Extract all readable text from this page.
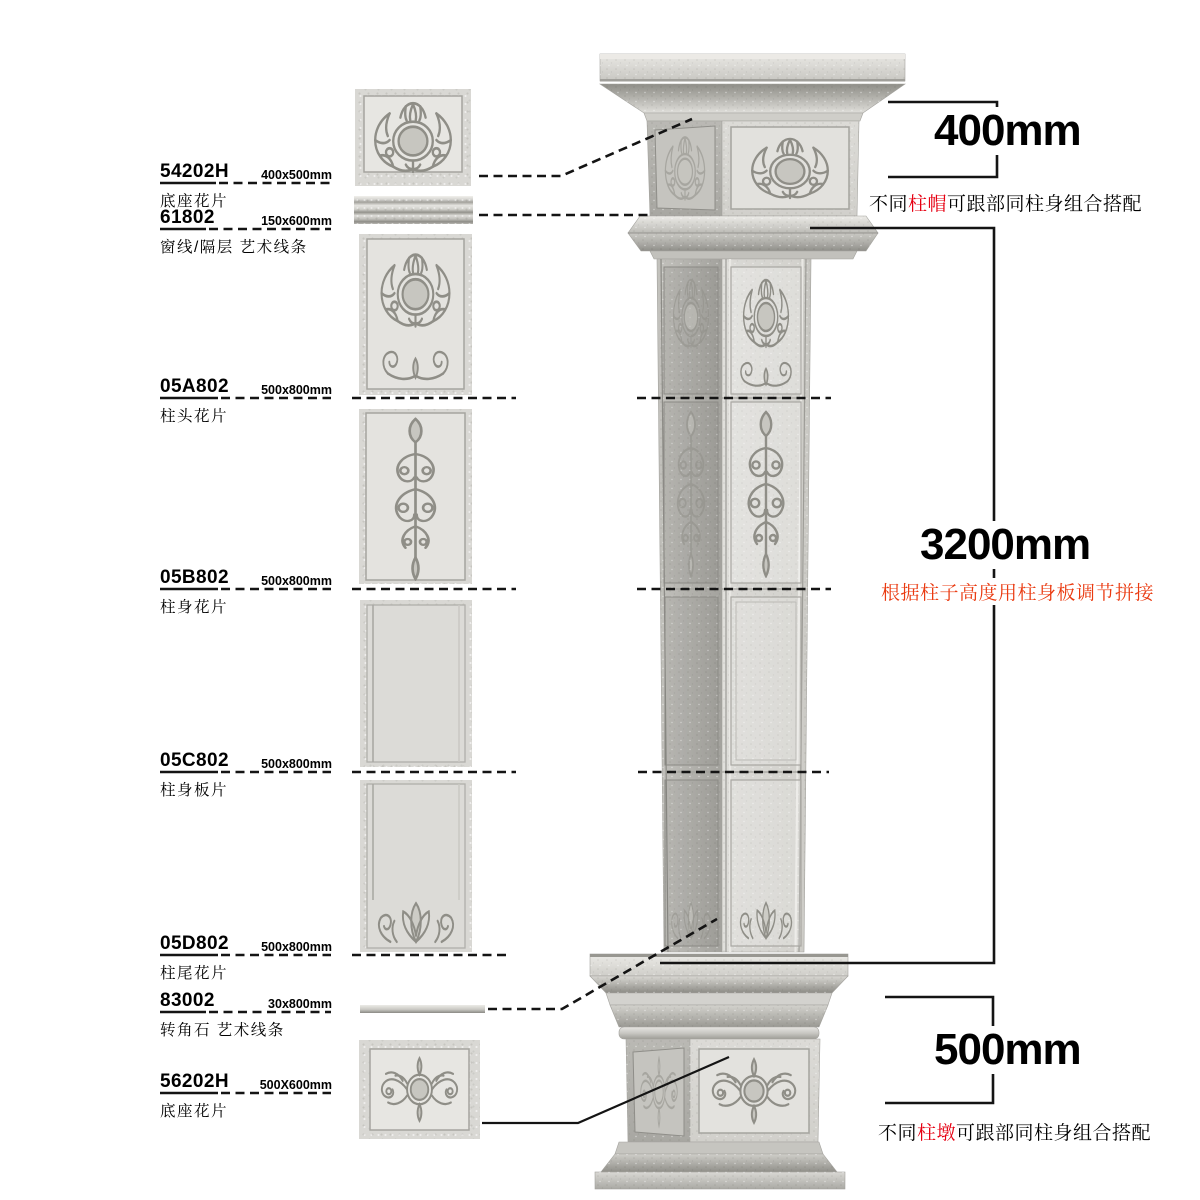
54202H	400x500mm
底座花片
61802	150x600mm
窗线/隔层 艺术线条
05A802	500x800mm
柱头花片
05B802	500x800mm
柱身花片
05C802	500x800mm
柱身板片
05D802	500x800mm
柱尾花片
83002	30x800mm
转角石 艺术线条
56202H 500X600mm
底座花片
400mm
不同柱帽可跟部同柱身组合搭配
3200mm
根据柱子高度用柱身板调节拼接
500mm
不同柱墩可跟部同柱身组合搭配
